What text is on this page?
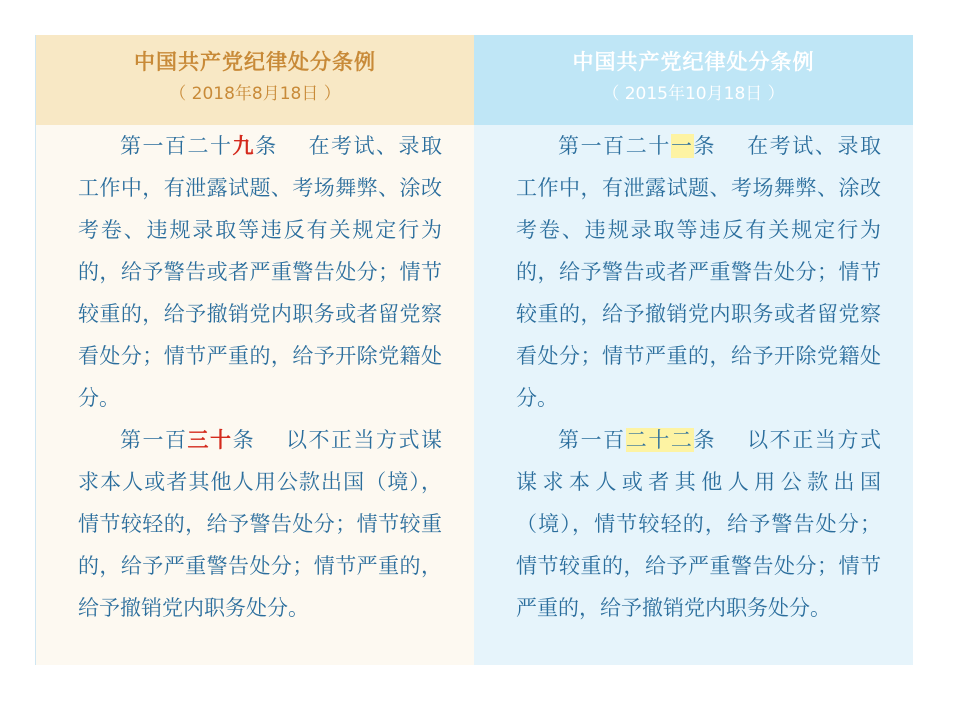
中国共产党纪律处分条例
（ 2018年8月18日 ）

第一百二十九条 在考试、录取工作中，有泄露试题、考场舞弊、涂改考卷、违规录取等违反有关规定行为的，给予警告或者严重警告处分；情节较重的，给予撤销党内职务或者留党察看处分；情节严重的，给予开除党籍处分。

第一百三十条 以不正当方式谋求本人或者其他人用公款出国（境），情节较轻的，给予警告处分；情节较重的，给予严重警告处分；情节严重的，给予撤销党内职务处分。

中国共产党纪律处分条例
（ 2015年10月18日 ）

第一百二十一条 在考试、录取工作中，有泄露试题、考场舞弊、涂改考卷、违规录取等违反有关规定行为的，给予警告或者严重警告处分；情节较重的，给予撤销党内职务或者留党察看处分；情节严重的，给予开除党籍处分。

第一百二十二条 以不正当方式谋求本人或者其他人用公款出国（境），情节较轻的，给予警告处分；情节较重的，给予严重警告处分；情节严重的，给予撤销党内职务处分。
